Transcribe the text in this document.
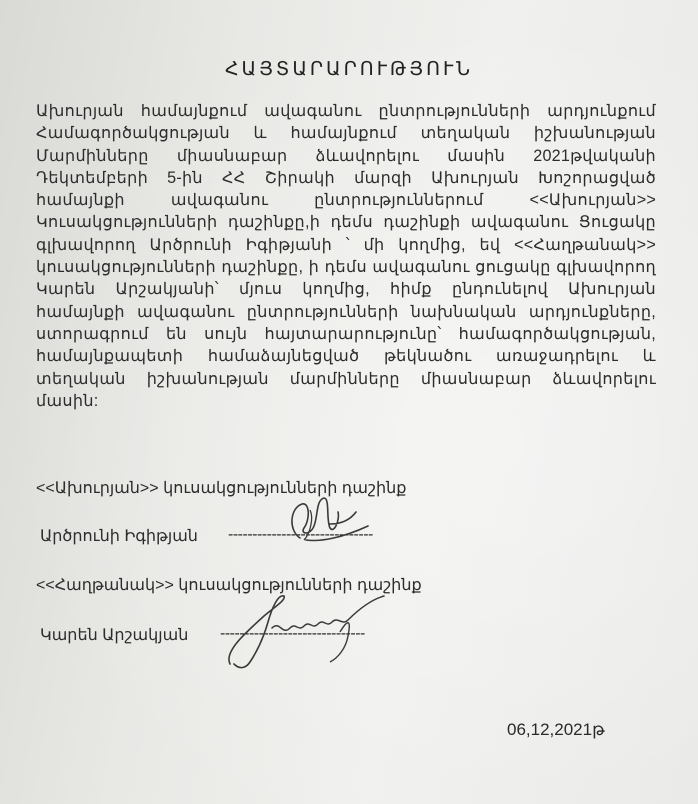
ՀԱՅՏԱՐԱՐՈՒԹՅՈՒՆ
Ախուրյան համայնքում ավագանու ընտրությունների արդյունքում Համագործակցության և համայնքում տեղական իշխանության Մարմինները միասնաբար ձևավորելու մասին 2021թվականի Դեկտեմբերի 5-ին ՀՀ Շիրակի մարզի Ախուրյան Խոշորացված համայնքի ավագանու ընտրություններում <<Ախուրյան>> Կուսակցությունների դաշինքը,ի դեմս դաշինքի ավագանու Ցուցակը գլխավորող Արծրունի Իգիթյանի ՝ մի կողմից, եվ <<Հաղթանակ>> կուսակցությունների դաշինքը, ի դեմս ավագանու ցուցակը գլխավորող Կարեն Արշակյանի՝ մյուս կողմից, հիմք ընդունելով Ախուրյան համայնքի ավագանու ընտրությունների նախնական արդյունքները, ստորագրում են սույն հայտարարությունը՝ համագործակցության, համայնքապետի համաձայնեցված թեկնածու առաջադրելու և տեղական իշխանության մարմինները միասնաբար ձևավորելու մասին:
<<Ախուրյան>> կուսակցությունների դաշինք
Արծրունի Իգիթյան ------------------------------
<<Հաղթանակ>> կուսակցությունների դաշինք
Կարեն Արշակյան ------------------------------
06,12,2021թ
